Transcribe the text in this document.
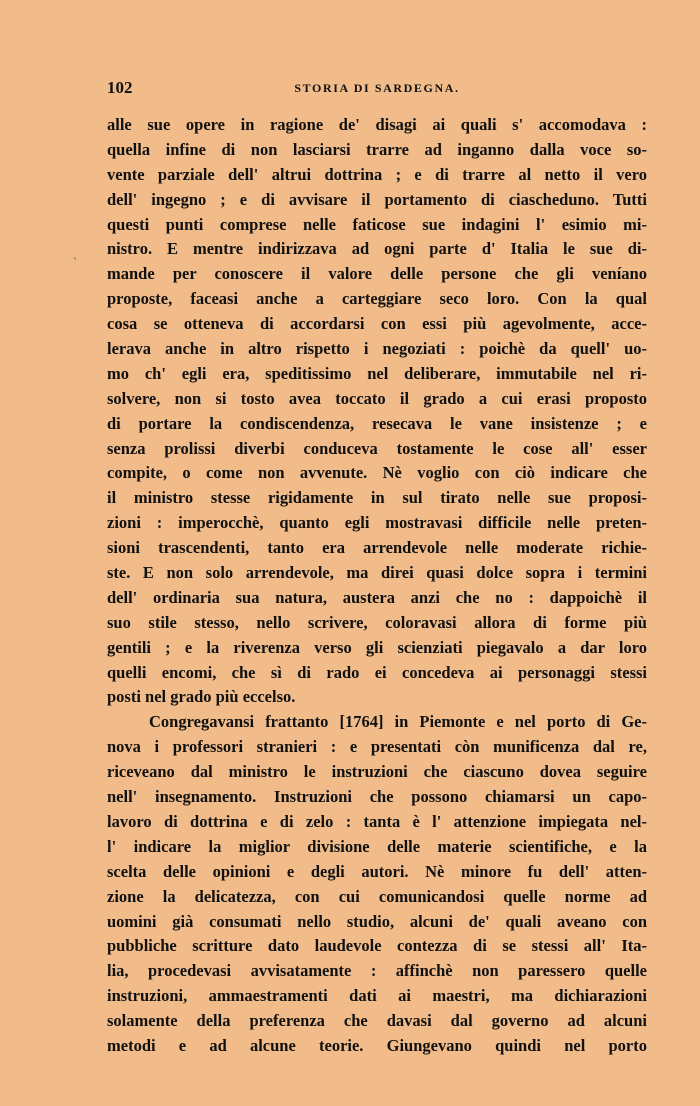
102	STORIA DI SARDEGNA.
`
alle sue opere in ragione de' disagi ai quali s' accomodava :
quella infine di non lasciarsi trarre ad inganno dalla voce so-
vente parziale dell' altrui dottrina ; e di trarre al netto il vero
dell' ingegno ; e di avvisare il portamento di ciascheduno. Tutti
questi punti comprese nelle faticose sue indagini l' esimio mi-
nistro. E mentre indirizzava ad ogni parte d' Italia le sue di-
mande per conoscere il valore delle persone che gli veníano
proposte, faceasi anche a carteggiare seco loro. Con la qual
cosa se otteneva di accordarsi con essi più agevolmente, acce-
lerava anche in altro rispetto i negoziati : poichè da quell' uo-
mo ch' egli era, speditissimo nel deliberare, immutabile nel ri-
solvere, non si tosto avea toccato il grado a cui erasi proposto
di portare la condiscendenza, resecava le vane insistenze ; e
senza prolissi diverbi conduceva tostamente le cose all' esser
compite, o come non avvenute. Nè voglio con ciò indicare che
il ministro stesse rigidamente in sul tirato nelle sue proposi-
zioni : imperocchè, quanto egli mostravasi difficile nelle preten-
sioni trascendenti, tanto era arrendevole nelle moderate richie-
ste. E non solo arrendevole, ma direi quasi dolce sopra i termini
dell' ordinaria sua natura, austera anzi che no : dappoichè il
suo stile stesso, nello scrivere, coloravasi allora di forme più
gentili ; e la riverenza verso gli scienziati piegavalo a dar loro
quelli encomi, che sì di rado ei concedeva ai personaggi stessi
posti nel grado più eccelso.
Congregavansi frattanto [1764] in Piemonte e nel porto di Ge-
nova i professori stranieri : e presentati còn munificenza dal re,
riceveano dal ministro le instruzioni che ciascuno dovea seguire
nell' insegnamento. Instruzioni che possono chiamarsi un capo-
lavoro di dottrina e di zelo : tanta è l' attenzione impiegata nel-
l' indicare la miglior divisione delle materie scientifiche, e la
scelta delle opinioni e degli autori. Nè minore fu dell' atten-
zione la delicatezza, con cui comunicandosi quelle norme ad
uomini già consumati nello studio, alcuni de' quali aveano con
pubbliche scritture dato laudevole contezza di se stessi all' Ita-
lia, procedevasi avvisatamente : affinchè non paressero quelle
instruzioni, ammaestramenti dati ai maestri, ma dichiarazioni
solamente della preferenza che davasi dal governo ad alcuni
metodi e ad alcune teorie. Giungevano quindi nel porto
